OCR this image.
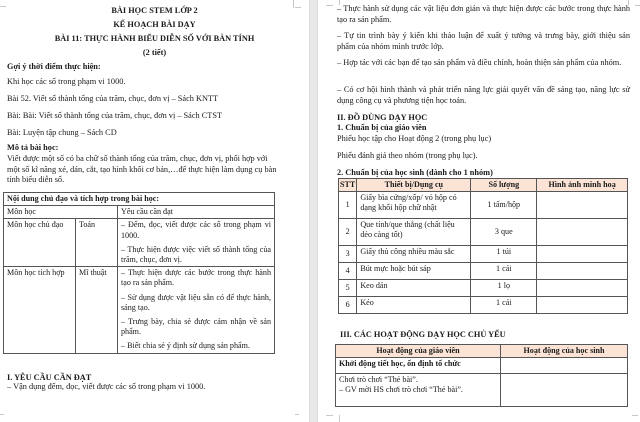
BÀI HỌC STEM LỚP 2
KẾ HOẠCH BÀI DẠY
BÀI 11: THỰC HÀNH BIỂU DIỄN SỐ VỚI BÀN TÍNH
(2 tiết)
Gợi ý thời điểm thực hiện:
Khi học các số trong phạm vi 1000.
Bài 52. Viết số thành tổng của trăm, chục, đơn vị – Sách KNTT
Bài: Bài: Viết số thành tổng của trăm, chục, đơn vị – Sách CTST
Bài: Luyện tập chung – Sách CD
Mô tả bài học:
Viết được một số có ba chữ số thành tổng của trăm, chục, đơn vị, phối hợp với một số kĩ năng xé, dán, cắt, tạo hình khối cơ bản,…để thực hiện làm dụng cụ bàn tính biểu diễn số.
Nội dung chủ đạo và tích hợp trong bài học:		
Môn học		Yêu cầu cần đạt
Môn học chủ đạo	Toán	– Đếm, đọc, viết được các số trong phạm vi 1000.
– Thực hiện được việc viết số thành tổng của trăm, chục, đơn vị.

Môn học tích hợp	Mĩ thuật	– Thực hiện được các bước trong thực hành tạo ra sản phẩm.
– Sử dụng được vật liệu sẵn có để thực hành, sáng tạo.
– Trưng bày, chia sẻ được cảm nhận về sản phẩm.
– Biết chia sẻ ý định sử dụng sản phẩm.
I. YÊU CẦU CẦN ĐẠT
– Vận dụng đếm, đọc, viết được các số trong phạm vi 1000.
– Thực hành sử dụng các vật liệu đơn giản và thực hiện được các bước trong thực hành tạo ra sản phẩm.
– Tự tin trình bày ý kiến khi thảo luận để xuất ý tưởng và trưng bày, giới thiệu sản phẩm của nhóm mình trước lớp.
– Hợp tác với các bạn để tạo sản phẩm và điều chỉnh, hoàn thiện sản phẩm của nhóm.
– Có cơ hội hình thành và phát triển năng lực giải quyết vấn đề sáng tạo, năng lực sử dụng công cụ và phương tiện học toán.
II. ĐỒ DÙNG DẠY HỌC
1. Chuẩn bị của giáo viên
Phiếu học tập cho Hoạt động 2 (trong phụ lục)
Phiếu đánh giá theo nhóm (trong phụ lục).
2. Chuẩn bị của học sinh (dành cho 1 nhóm)
STT	Thiết bị/Dụng cụ	Số lượng	Hình ảnh minh hoạ
1	Giấy bìa cứng/xốp/ vỏ hộp có dạng khối hộp chữ nhật	1 tấm/hộp	
2	Que tính/que thẳng (chất liệu dẻo càng tốt)	3 que	
3	Giấy thủ công nhiều màu sắc	1 túi	
4	Bút mực hoặc bút sáp	1 cái	
5	Keo dán	1 lọ	
6	Kéo	1 cái	
III. CÁC HOẠT ĐỘNG DẠY HỌC CHỦ YẾU
Hoạt động của giáo viên	Hoạt động của học sinh
Khởi động tiết học, ổn định tổ chức	

Chơi trò chơi “Thẻ bài”.
– GV mời HS chơi trò chơi “Thẻ bài”.	
